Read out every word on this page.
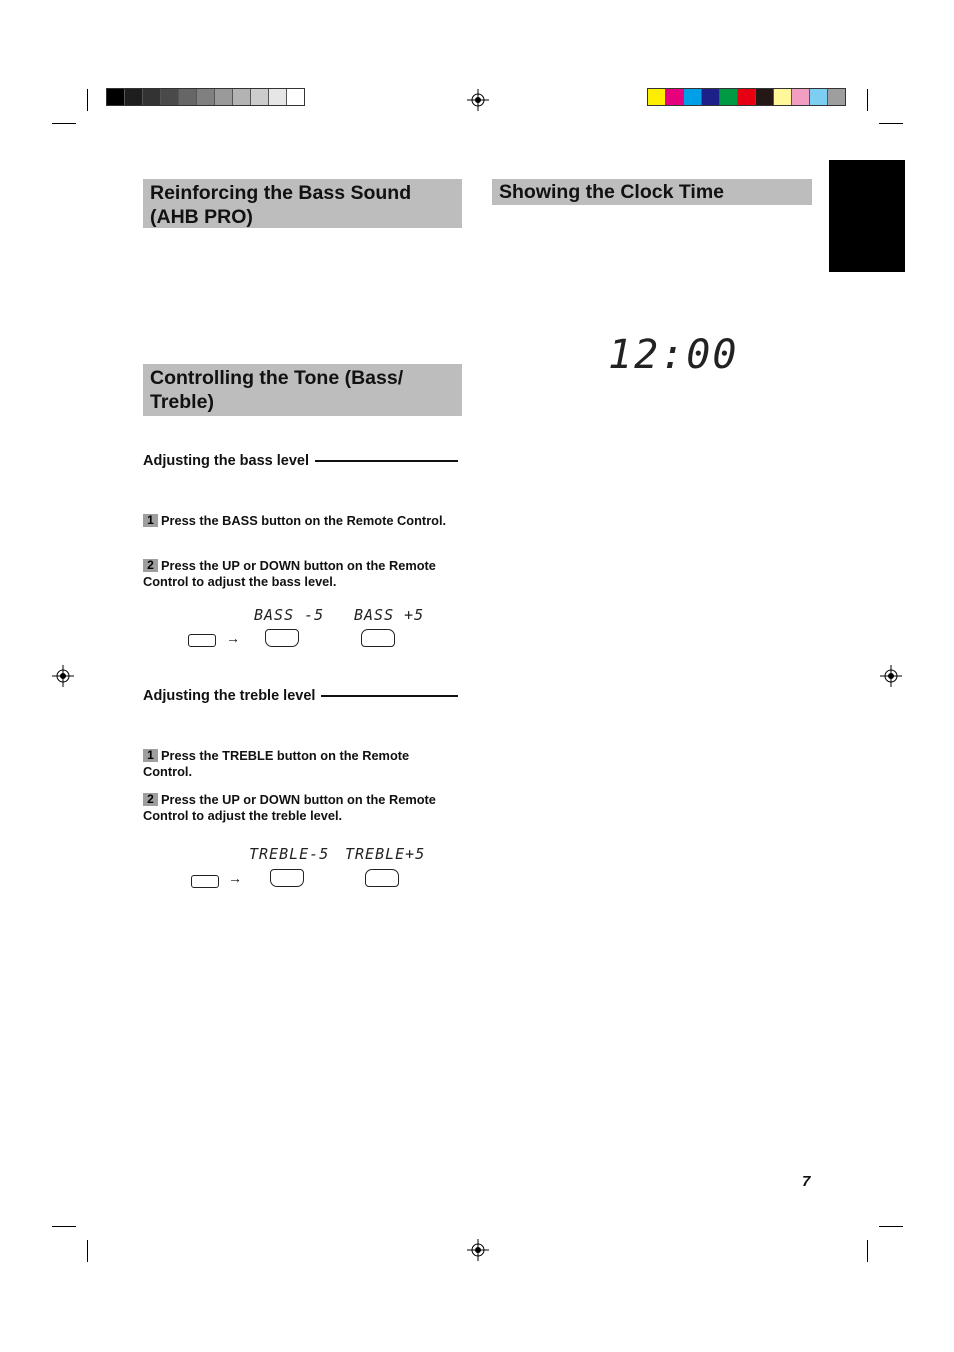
Reinforcing the Bass Sound (AHB PRO)
Controlling the Tone (Bass/ Treble)
Showing the Clock Time
12:00
Adjusting the bass level
1 Press the BASS button on the Remote Control.
2 Press the UP or DOWN button on the Remote Control to adjust the bass level.
BASS -5 BASS +5
→
Adjusting the treble level
1 Press the TREBLE button on the Remote Control.
2 Press the UP or DOWN button on the Remote Control to adjust the treble level.
TREBLE-5 TREBLE+5
→
7
